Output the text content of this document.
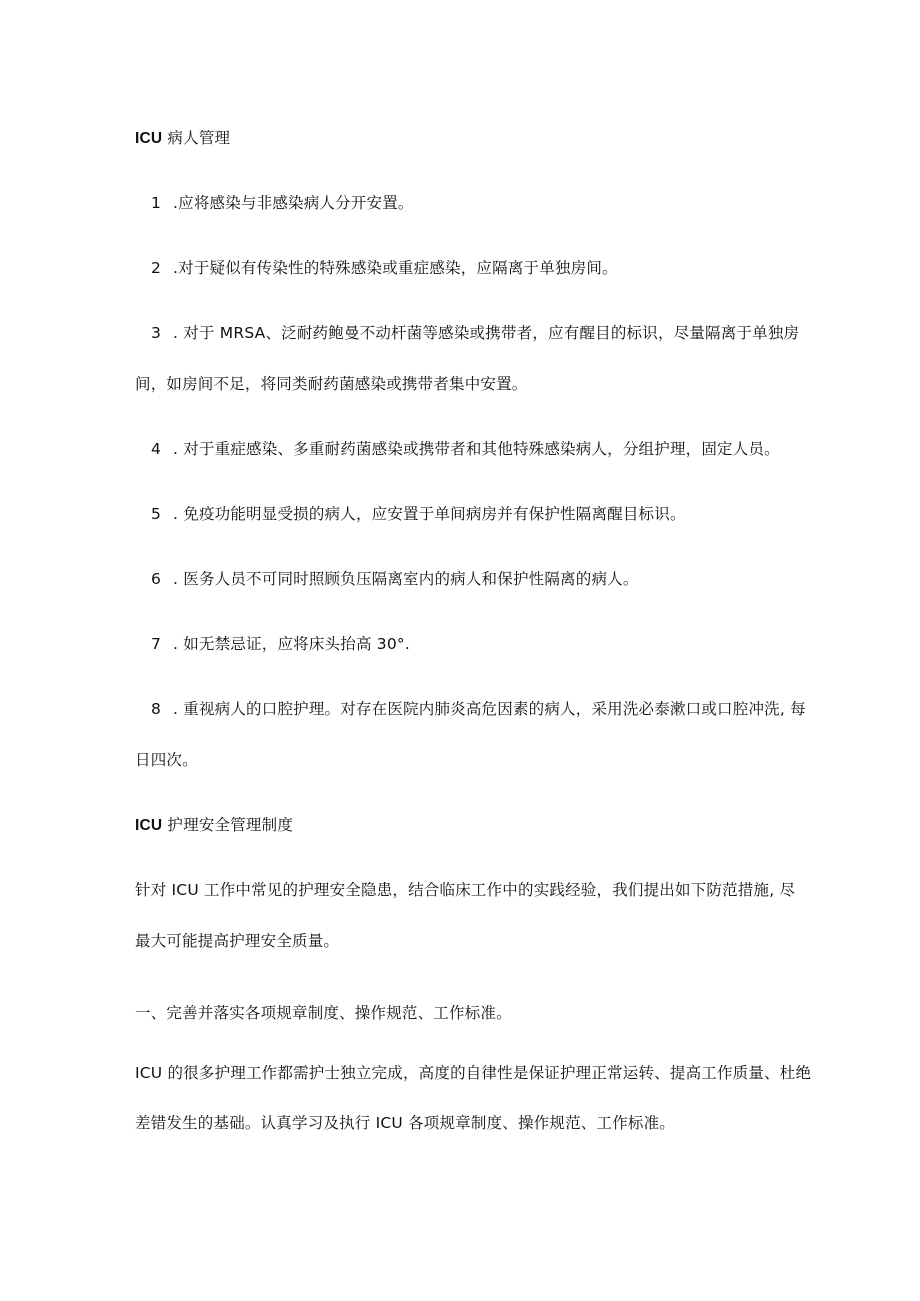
ICU 病人管理
1 .应将感染与非感染病人分开安置。
2 .对于疑似有传染性的特殊感染或重症感染，应隔离于单独房间。
3 . 对于 MRSA、泛耐药鲍曼不动杆菌等感染或携带者，应有醒目的标识，尽量隔离于单独房
间，如房间不足，将同类耐药菌感染或携带者集中安置。
4 . 对于重症感染、多重耐药菌感染或携带者和其他特殊感染病人，分组护理，固定人员。
5 . 免疫功能明显受损的病人，应安置于单间病房并有保护性隔离醒目标识。
6 . 医务人员不可同时照顾负压隔离室内的病人和保护性隔离的病人。
7 . 如无禁忌证，应将床头抬高 30°.
8 . 重视病人的口腔护理。对存在医院内肺炎高危因素的病人，采用洗必泰漱口或口腔冲洗, 每
日四次。
ICU 护理安全管理制度
针对 ICU 工作中常见的护理安全隐患，结合临床工作中的实践经验，我们提出如下防范措施, 尽
最大可能提高护理安全质量。
一、完善并落实各项规章制度、操作规范、工作标准。
ICU 的很多护理工作都需护士独立完成，高度的自律性是保证护理正常运转、提高工作质量、杜绝
差错发生的基础。认真学习及执行 ICU 各项规章制度、操作规范、工作标准。
